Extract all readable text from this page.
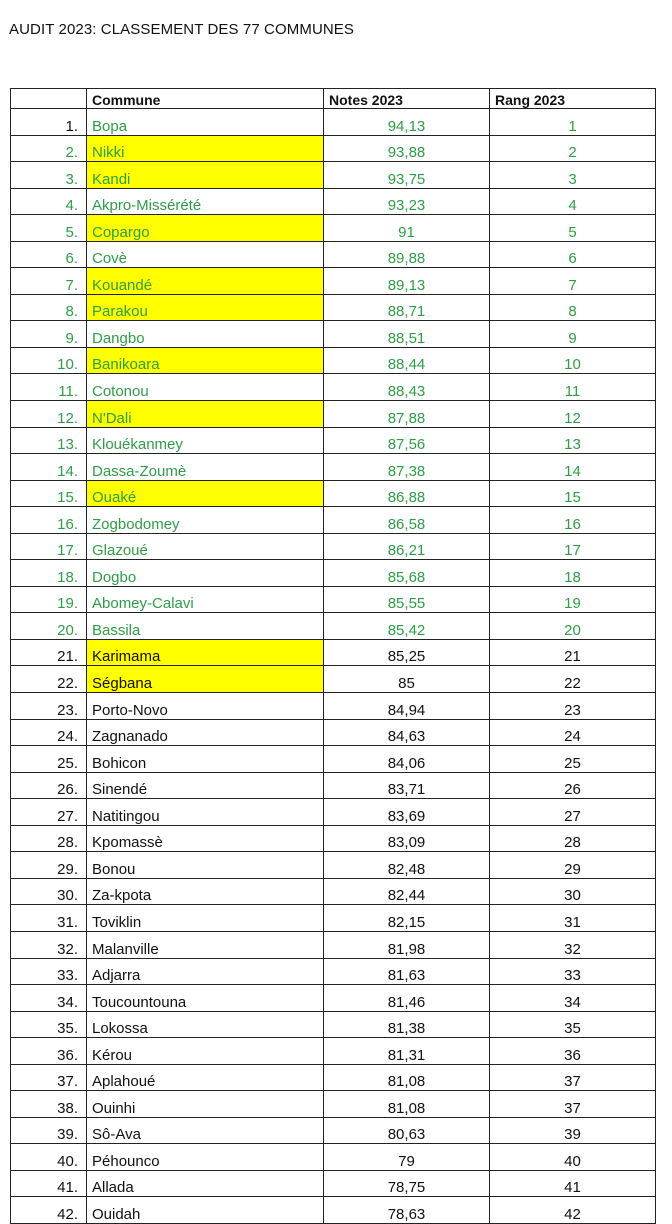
AUDIT 2023: CLASSEMENT DES 77 COMMUNES
	Commune	Notes 2023	Rang 2023
1.	Bopa	94,13	1
2.	Nikki	93,88	2
3.	Kandi	93,75	3
4.	Akpro-Missérété	93,23	4
5.	Copargo	91	5
6.	Covè	89,88	6
7.	Kouandé	89,13	7
8.	Parakou	88,71	8
9.	Dangbo	88,51	9
10.	Banikoara	88,44	10
11.	Cotonou	88,43	11
12.	N'Dali	87,88	12
13.	Klouékanmey	87,56	13
14.	Dassa-Zoumè	87,38	14
15.	Ouaké	86,88	15
16.	Zogbodomey	86,58	16
17.	Glazoué	86,21	17
18.	Dogbo	85,68	18
19.	Abomey-Calavi	85,55	19
20.	Bassila	85,42	20
21.	Karimama	85,25	21
22.	Ségbana	85	22
23.	Porto-Novo	84,94	23
24.	Zagnanado	84,63	24
25.	Bohicon	84,06	25
26.	Sinendé	83,71	26
27.	Natitingou	83,69	27
28.	Kpomassè	83,09	28
29.	Bonou	82,48	29
30.	Za-kpota	82,44	30
31.	Toviklin	82,15	31
32.	Malanville	81,98	32
33.	Adjarra	81,63	33
34.	Toucountouna	81,46	34
35.	Lokossa	81,38	35
36.	Kérou	81,31	36
37.	Aplahoué	81,08	37
38.	Ouinhi	81,08	37
39.	Sô-Ava	80,63	39
40.	Péhounco	79	40
41.	Allada	78,75	41
42.	Ouidah	78,63	42
